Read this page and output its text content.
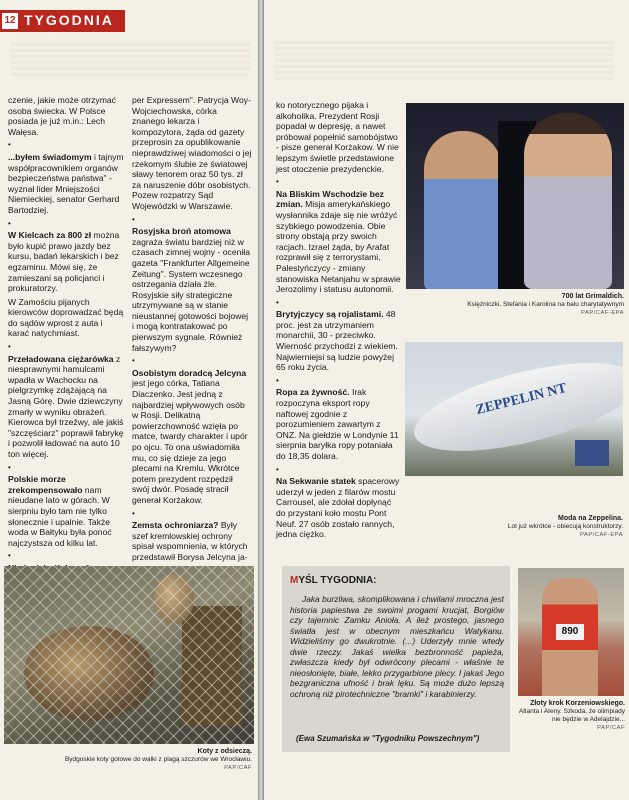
12 TYGODNIA

czenie, jakie może otrzymać osoba świecka. W Polsce posiada je już m.in.: Lech Wałęsa.

•

...byłem świadomym i tajnym współpracownikiem organów bezpieczeństwa państwa" - wyznał lider Mniejszości Niemieckiej, senator Gerhard Bartodziej.

•

W Kielcach za 800 zł można było kupić prawo jazdy bez kursu, badań lekarskich i bez egzaminu. Mówi się, że zamieszani są policjanci i prokuratorzy.

W Zamościu pijanych kierowców doprowadzać będą do sądów wprost z auta i karać natychmiast.

•

Przeładowana ciężarówka z niesprawnymi hamulcami wpadła w Wachocku na pielgrzymkę zdążającą na Jasną Górę. Dwie dziewczyny zmarły w wyniku obrażeń. Kierowca był trzeźwy, ale jakiś "szczęściarz" poprawił fabrykę i pozwolił ładować na auto 10 ton więcej.

•

Polskie morze zrekompensowało nam nieudane lato w górach. W sierpniu było tam nie tylko słonecznie i upalnie. Także woda w Bałtyku była ponoć najczystsza od kilku lat.

•

per Expressem". Patrycja Woy-Wojciechowska, córka znanego lekarza i kompozytora, żąda od gazety przeprosin za opublikowanie nieprawdziwej wiadomości o jej rzekomym ślubie ze światowej sławy tenorem oraz 50 tys. zł za naruszenie dóbr osobistych. Pozew rozpatrzy Sąd Wojewódzki w Warszawie.

•

Rosyjska broń atomowa zagraża światu bardziej niż w czasach zimnej wojny - oceniła gazeta "Frankfurter Allgemeine Zeitung". System wczesnego ostrzegania działa źle. Rosyjskie siły strategiczne utrzymywane są w stanie nieustannej gotowości bojowej i mogą kontratakować po pierwszym sygnale. Również fałszywym?

•

Osobistym doradcą Jelcyna jest jego córka, Tatiana Diaczenko. Jest jedną z najbardziej wpływowych osób w Rosji. Delikatną powierzchowność wzięła po matce, twardy charakter i upór po ojcu. To ona uświadomiła mu, co się dzieje za jego plecami na Kremlu. Wkrótce potem prezydent rozpędził swój dwór. Posadę stracił generał Korżakow.

•

Zemsta ochroniarza? Były szef kremlowskiej ochrony spisał wspomnienia, w których przedstawił Borysa Jelcyna ja-

Koty z odsieczą.
Bydgoskie koty gotowe do walki z plagą szczurów we Wrocławiu.
PAP/CAF

ko notorycznego pijaka i alkoholika. Prezydent Rosji popadał w depresję, a nawet próbował popełnić samobójstwo - pisze generał Korżakow. W nie lepszym świetle przedstawione jest otoczenie prezydenckie.

•

Na Bliskim Wschodzie bez zmian. Misja amerykańskiego wysłannika zdaje się nie wróżyć szybkiego powodzenia. Obie strony obstają przy swoich racjach. Izrael żąda, by Arafat rozprawił się z terrorystami, Palestyńczycy - zmiany stanowiska Netanjahu w sprawie Jerozolimy i statusu autonomii.

•

Brytyjczycy są rojalistami. 48 proc. jest za utrzymaniem monarchii, 30 - przeciwko. Wierność przychodzi z wiekiem. Najwierniejsi są ludzie powyżej 65 roku życia.

•

Ropa za żywność. Irak rozpoczyna eksport ropy naftowej zgodnie z porozumieniem zawartym z ONZ. Na giełdzie w Londynie 11 sierpnia baryłka ropy potaniała do 18,35 dolara.

•

Na Sekwanie statek spacerowy uderzył w jeden z filarów mostu Carrousel, ale zdołał dopłynąć do przystani koło mostu Pont Neuf. 27 osób zostało rannych, jedna ciężko.

700 lat Grimaldich.
Księżniczki, Stefania i Karolina na balu charytatywnym
PAP/CAF-EPA
ZEPPELIN NT
Moda na Zeppelina.
Lot już wkrótce - obiecują konstruktorzy.
PAP/CAF-EPA
MYŚL TYGODNIA:
Jaka burzliwa, skomplikowana i chwilami mroczna jest historia papiestwa ze swoimi progami krucjat, Borgiów czy tajemnic Zamku Anioła. A ileż prostego, jasnego światła jest w obecnym mieszkańcu Watykanu. Widzieliśmy go dwukrotnie. (...) Uderzyły mnie wtedy dwie rzeczy. Jakaś wielka bezbronność papieża, zwłaszcza kiedy był odwrócony plecami - właśnie te nieosłonięte, białe, lekko przygarbione plecy. I jakaś Jego bezgraniczna ufność i brak lęku. Są może dużo lepszą ochroną niż pirotechniczne "bramki" i karabinierzy.
(Ewa Szumańska w "Tygodniku Powszechnym")
890
Złoty krok Korzeniowskiego.
Atlanta i Ateny. Szkoda, że olimpiady nie będzie w Adelajdzie...
PAP/CAF
